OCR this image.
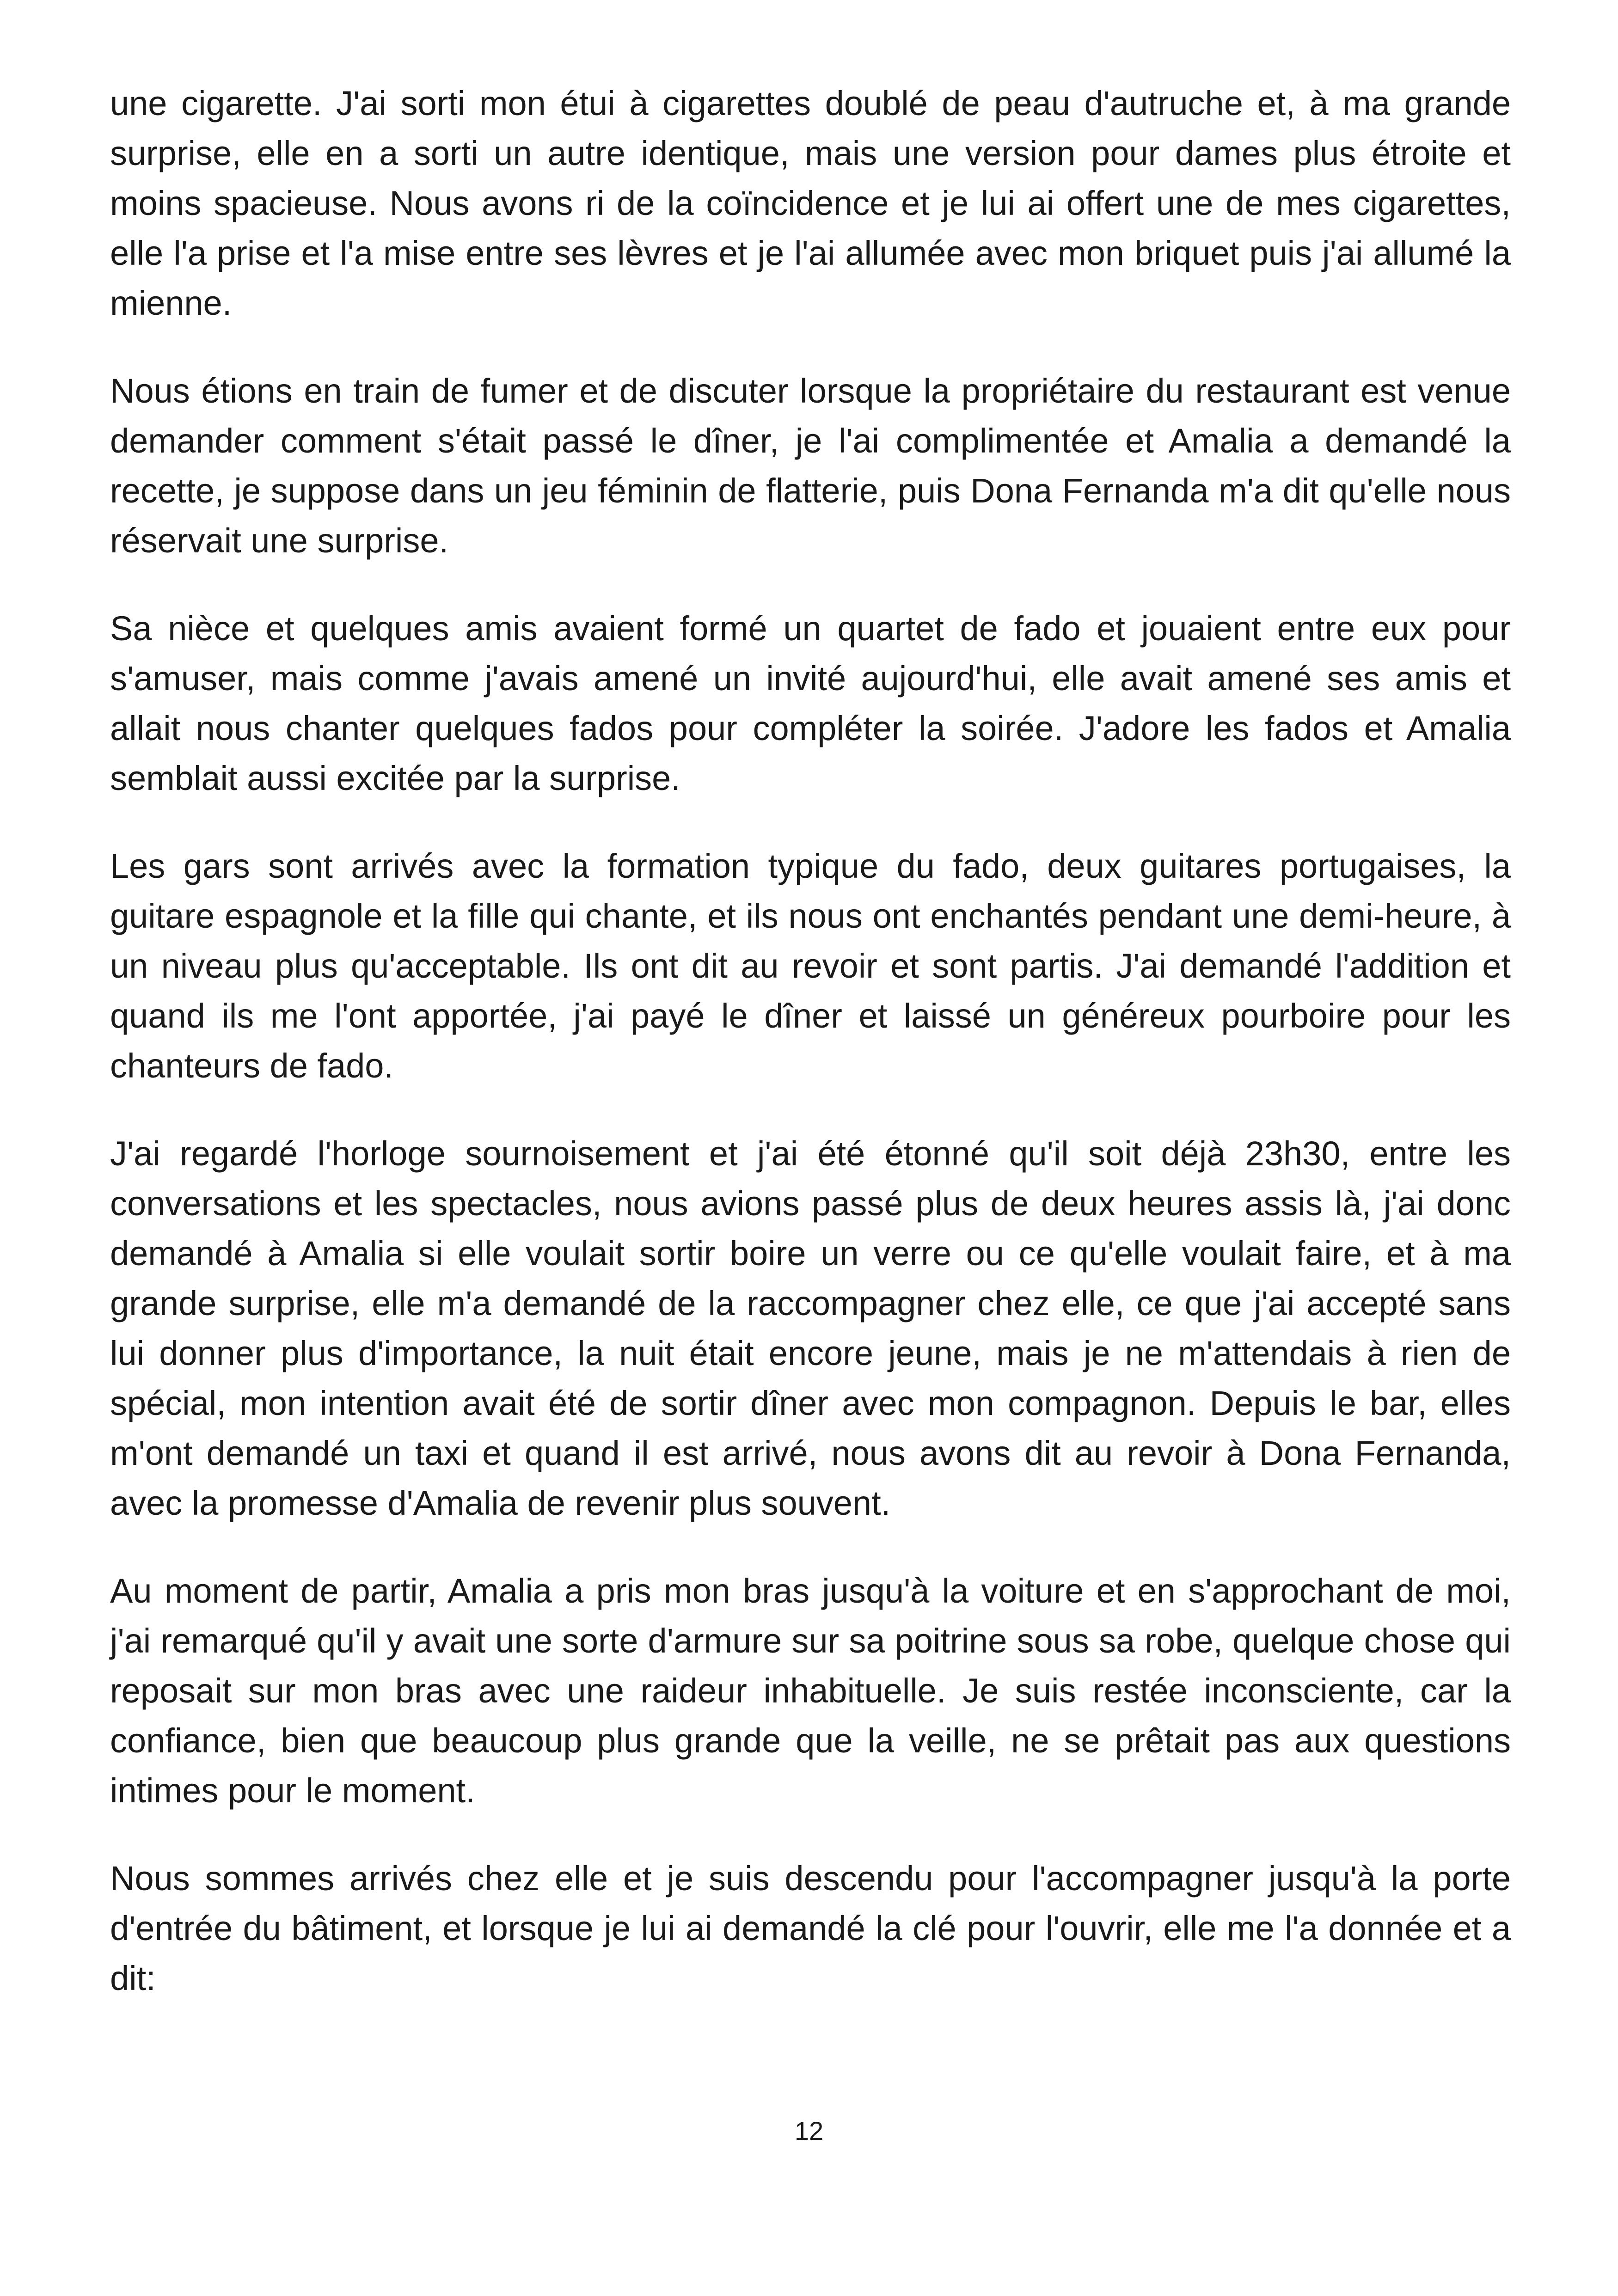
une cigarette. J'ai sorti mon étui à cigarettes doublé de peau d'autruche et, à ma grande surprise, elle en a sorti un autre identique, mais une version pour dames plus étroite et moins spacieuse. Nous avons ri de la coïncidence et je lui ai offert une de mes cigarettes, elle l'a prise et l'a mise entre ses lèvres et je l'ai allumée avec mon briquet puis j'ai allumé la mienne.

Nous étions en train de fumer et de discuter lorsque la propriétaire du restaurant est venue demander comment s'était passé le dîner, je l'ai complimentée et Amalia a demandé la recette, je suppose dans un jeu féminin de flatterie, puis Dona Fernanda m'a dit qu'elle nous réservait une surprise.

Sa nièce et quelques amis avaient formé un quartet de fado et jouaient entre eux pour s'amuser, mais comme j'avais amené un invité aujourd'hui, elle avait amené ses amis et allait nous chanter quelques fados pour compléter la soirée. J'adore les fados et Amalia semblait aussi excitée par la surprise.

Les gars sont arrivés avec la formation typique du fado, deux guitares portugaises, la guitare espagnole et la fille qui chante, et ils nous ont enchantés pendant une demi-heure, à un niveau plus qu'acceptable. Ils ont dit au revoir et sont partis. J'ai demandé l'addition et quand ils me l'ont apportée, j'ai payé le dîner et laissé un généreux pourboire pour les chanteurs de fado.

J'ai regardé l'horloge sournoisement et j'ai été étonné qu'il soit déjà 23h30, entre les conversations et les spectacles, nous avions passé plus de deux heures assis là, j'ai donc demandé à Amalia si elle voulait sortir boire un verre ou ce qu'elle voulait faire, et à ma grande surprise, elle m'a demandé de la raccompagner chez elle, ce que j'ai accepté sans lui donner plus d'importance, la nuit était encore jeune, mais je ne m'attendais à rien de spécial, mon intention avait été de sortir dîner avec mon compagnon. Depuis le bar, elles m'ont demandé un taxi et quand il est arrivé, nous avons dit au revoir à Dona Fernanda, avec la promesse d'Amalia de revenir plus souvent.

Au moment de partir, Amalia a pris mon bras jusqu'à la voiture et en s'approchant de moi, j'ai remarqué qu'il y avait une sorte d'armure sur sa poitrine sous sa robe, quelque chose qui reposait sur mon bras avec une raideur inhabituelle. Je suis restée inconsciente, car la confiance, bien que beaucoup plus grande que la veille, ne se prêtait pas aux questions intimes pour le moment.

Nous sommes arrivés chez elle et je suis descendu pour l'accompagner jusqu'à la porte d'entrée du bâtiment, et lorsque je lui ai demandé la clé pour l'ouvrir, elle me l'a donnée et a dit:

12
